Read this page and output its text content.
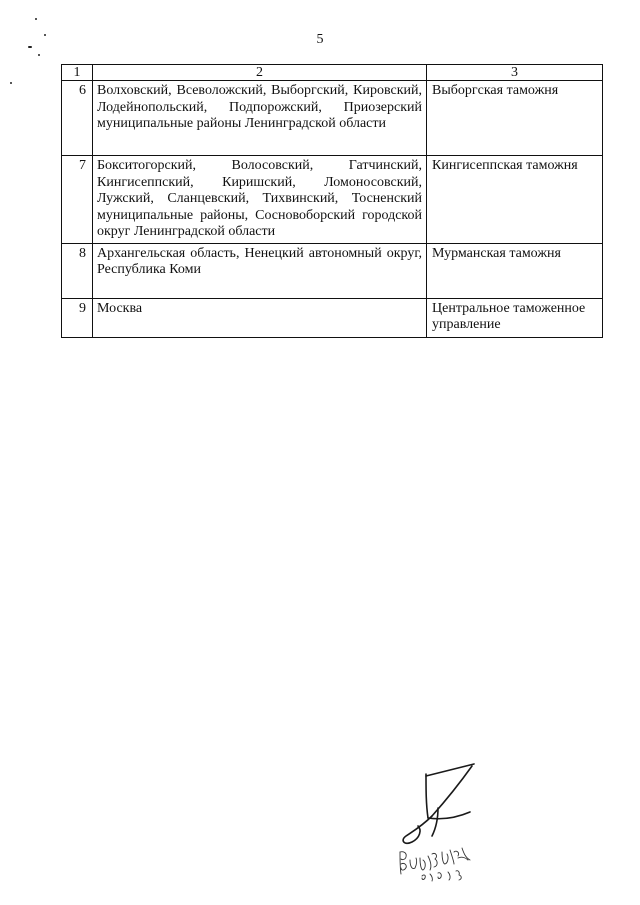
5
1	2	3
6	Волховский, Всеволожский, Выборгский, Кировский, Лодейнопольский, Подпорожский, Приозерский муниципальные районы Ленинградской области	Выборгская таможня
7	Бокситогорский, Волосовский, Гатчинский, Кингисеппский, Киришский, Ломоносовский, Лужский, Сланцевский, Тихвинский, Тосненский муниципальные районы, Сосновоборский городской округ Ленинградской области	Кингисеппская таможня
8	Архангельская область, Ненецкий автономный округ, Республика Коми	Мурманская таможня
9	Москва	Центральное таможенное управление
